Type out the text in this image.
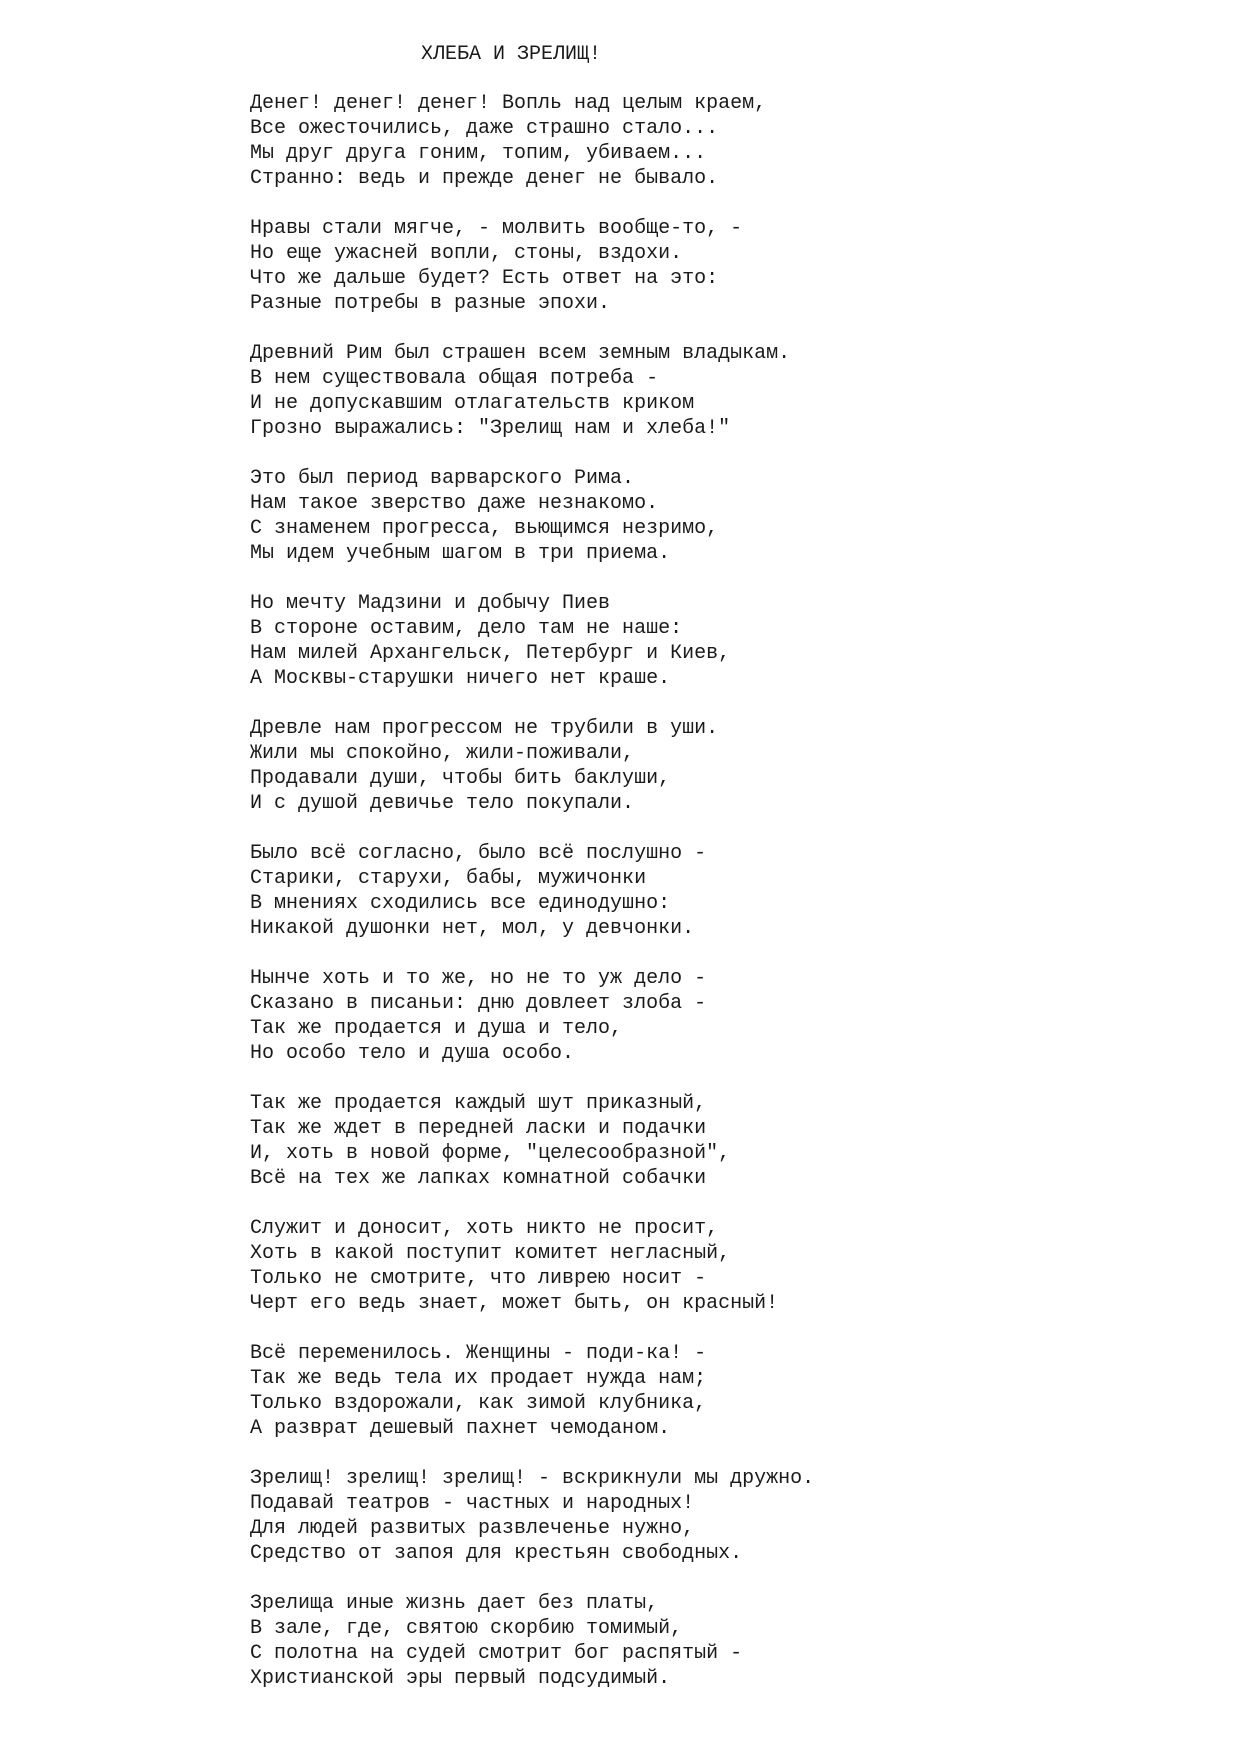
ХЛЕБА И ЗРЕЛИЩ!
Денег! денег! денег! Вопль над целым краем,
Все ожесточились, даже страшно стало...
Мы друг друга гоним, топим, убиваем...
Странно: ведь и прежде денег не бывало.
Нравы стали мягче, - молвить вообще-то, -
Но еще ужасней вопли, стоны, вздохи.
Что же дальше будет? Есть ответ на это:
Разные потребы в разные эпохи.
Древний Рим был страшен всем земным владыкам.
В нем существовала общая потреба -
И не допускавшим отлагательств криком
Грозно выражались: "Зрелищ нам и хлеба!"
Это был период варварского Рима.
Нам такое зверство даже незнакомо.
С знаменем прогресса, вьющимся незримо,
Мы идем учебным шагом в три приема.
Но мечту Мадзини и добычу Пиев
В стороне оставим, дело там не наше:
Нам милей Архангельск, Петербург и Киев,
А Москвы-старушки ничего нет краше.
Древле нам прогрессом не трубили в уши.
Жили мы спокойно, жили-поживали,
Продавали души, чтобы бить баклуши,
И с душой девичье тело покупали.
Было всё согласно, было всё послушно -
Старики, старухи, бабы, мужичонки
В мнениях сходились все единодушно:
Никакой душонки нет, мол, у девчонки.
Нынче хоть и то же, но не то уж дело -
Сказано в писаньи: дню довлеет злоба -
Так же продается и душа и тело,
Но особо тело и душа особо.
Так же продается каждый шут приказный,
Так же ждет в передней ласки и подачки
И, хоть в новой форме, "целесообразной",
Всё на тех же лапках комнатной собачки
Служит и доносит, хоть никто не просит,
Хоть в какой поступит комитет негласный,
Только не смотрите, что ливрею носит -
Черт его ведь знает, может быть, он красный!
Всё переменилось. Женщины - поди-ка! -
Так же ведь тела их продает нужда нам;
Только вздорожали, как зимой клубника,
А разврат дешевый пахнет чемоданом.
Зрелищ! зрелищ! зрелищ! - вскрикнули мы дружно.
Подавай театров - частных и народных!
Для людей развитых развлеченье нужно,
Средство от запоя для крестьян свободных.
Зрелища иные жизнь дает без платы,
В зале, где, святою скорбию томимый,
С полотна на судей смотрит бог распятый -
Христианской эры первый подсудимый.
